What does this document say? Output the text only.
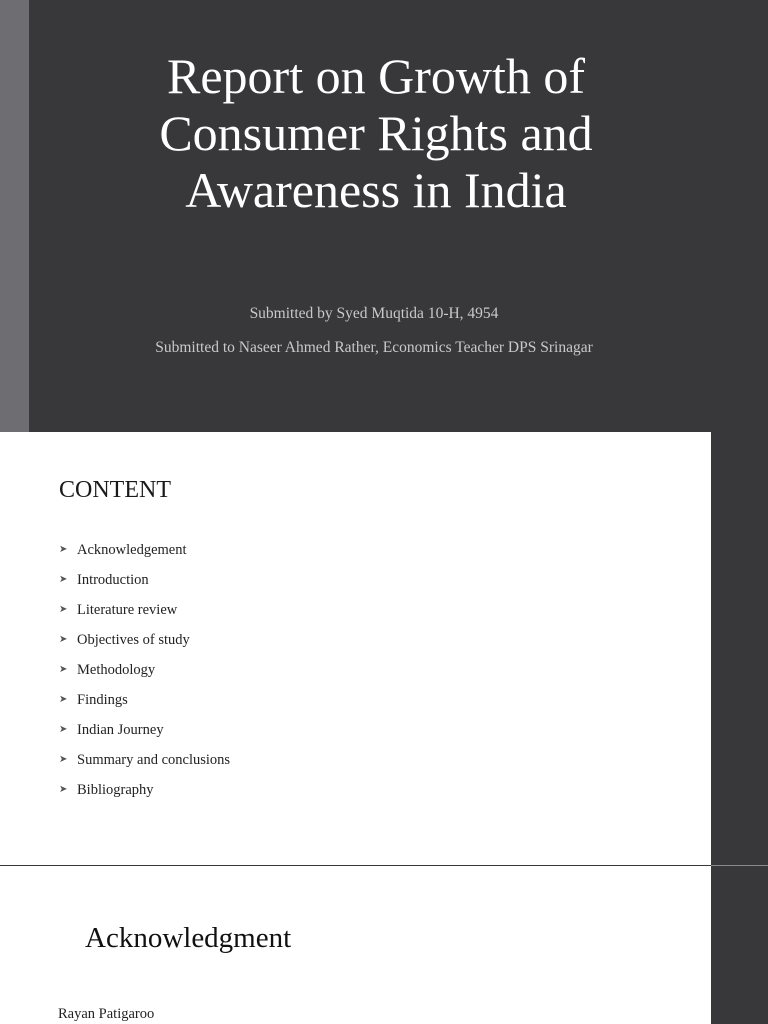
Report on Growth of
Consumer Rights and
Awareness in India
Submitted by Syed Muqtida 10-H, 4954
Submitted to Naseer Ahmed Rather, Economics Teacher DPS Srinagar
CONTENT
➤ Acknowledgement
➤ Introduction
➤ Literature review
➤ Objectives of study
➤ Methodology
➤ Findings
➤ Indian Journey
➤ Summary and conclusions
➤ Bibliography
Acknowledgment
Rayan Patigaroo
